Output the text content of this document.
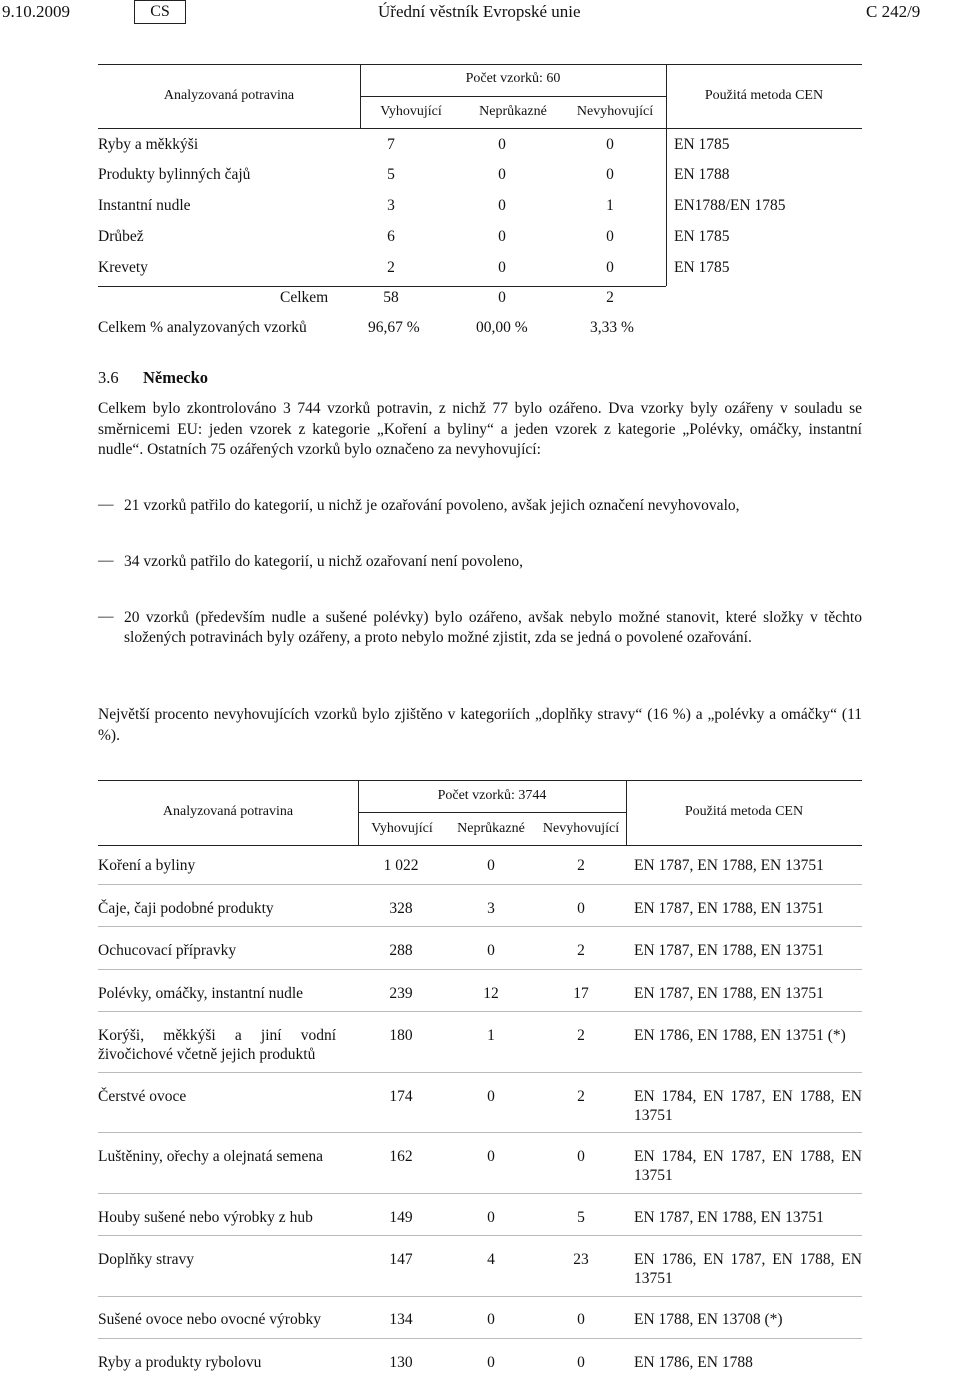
9.10.2009	CS	Úřední věstník Evropské unie	C 242/9
Analyzovaná potravina
Počet vzorků: 60
Vyhovující	Neprůkazné	Nevyhovující
Použitá metoda CEN
Ryby a měkkýši	7	0	0	EN 1785
Produkty bylinných čajů	5	0	0	EN 1788
Instantní nudle	3	0	1	EN1788/EN 1785
Drůbež	6	0	0	EN 1785
Krevety	2	0	0	EN 1785
Celkem	58	0	2
Celkem % analyzovaných vzorků	96,67 %	00,00 %	3,33 %
3.6 Německo
Celkem bylo zkontrolováno 3 744 vzorků potravin, z nichž 77 bylo ozářeno. Dva vzorky byly ozářeny v souladu se směrnicemi EU: jeden vzorek z kategorie „Koření a byliny“ a jeden vzorek z kategorie „Polévky, omáčky, instantní nudle“. Ostatních 75 ozářených vzorků bylo označeno za nevyhovující:
— 21 vzorků patřilo do kategorií, u nichž je ozařování povoleno, avšak jejich označení nevyhovovalo,
— 34 vzorků patřilo do kategorií, u nichž ozařovaní není povoleno,
— 20 vzorků (především nudle a sušené polévky) bylo ozářeno, avšak nebylo možné stanovit, které složky v těchto složených potravinách byly ozářeny, a proto nebylo možné zjistit, zda se jedná o povolené ozařování.
Největší procento nevyhovujících vzorků bylo zjištěno v kategoriích „doplňky stravy“ (16 %) a „polévky a omáčky“ (11 %).
Analyzovaná potravina
Počet vzorků: 3744
Vyhovující	Neprůkazné	Nevyhovující
Použitá metoda CEN
Koření a byliny	1 022	0	2	EN 1787, EN 1788, EN 13751
Čaje, čaji podobné produkty	328	3	0	EN 1787, EN 1788, EN 13751
Ochucovací přípravky	288	0	2	EN 1787, EN 1788, EN 13751
Polévky, omáčky, instantní nudle	239	12	17	EN 1787, EN 1788, EN 13751
Korýši, měkkýši a jiní vodní živočichové včetně jejich produktů
180	1	2	EN 1786, EN 1788, EN 13751 (*)
Čerstvé ovoce	174	0	2	EN 1784, EN 1787, EN 1788, EN 13751
Luštěniny, ořechy a olejnatá semena	162	0	0	EN 1784, EN 1787, EN 1788, EN 13751
Houby sušené nebo výrobky z hub	149	0	5	EN 1787, EN 1788, EN 13751
Doplňky stravy	147	4	23	EN 1786, EN 1787, EN 1788, EN 13751
Sušené ovoce nebo ovocné výrobky	134	0	0	EN 1788, EN 13708 (*)
Ryby a produkty rybolovu	130	0	0	EN 1786, EN 1788
